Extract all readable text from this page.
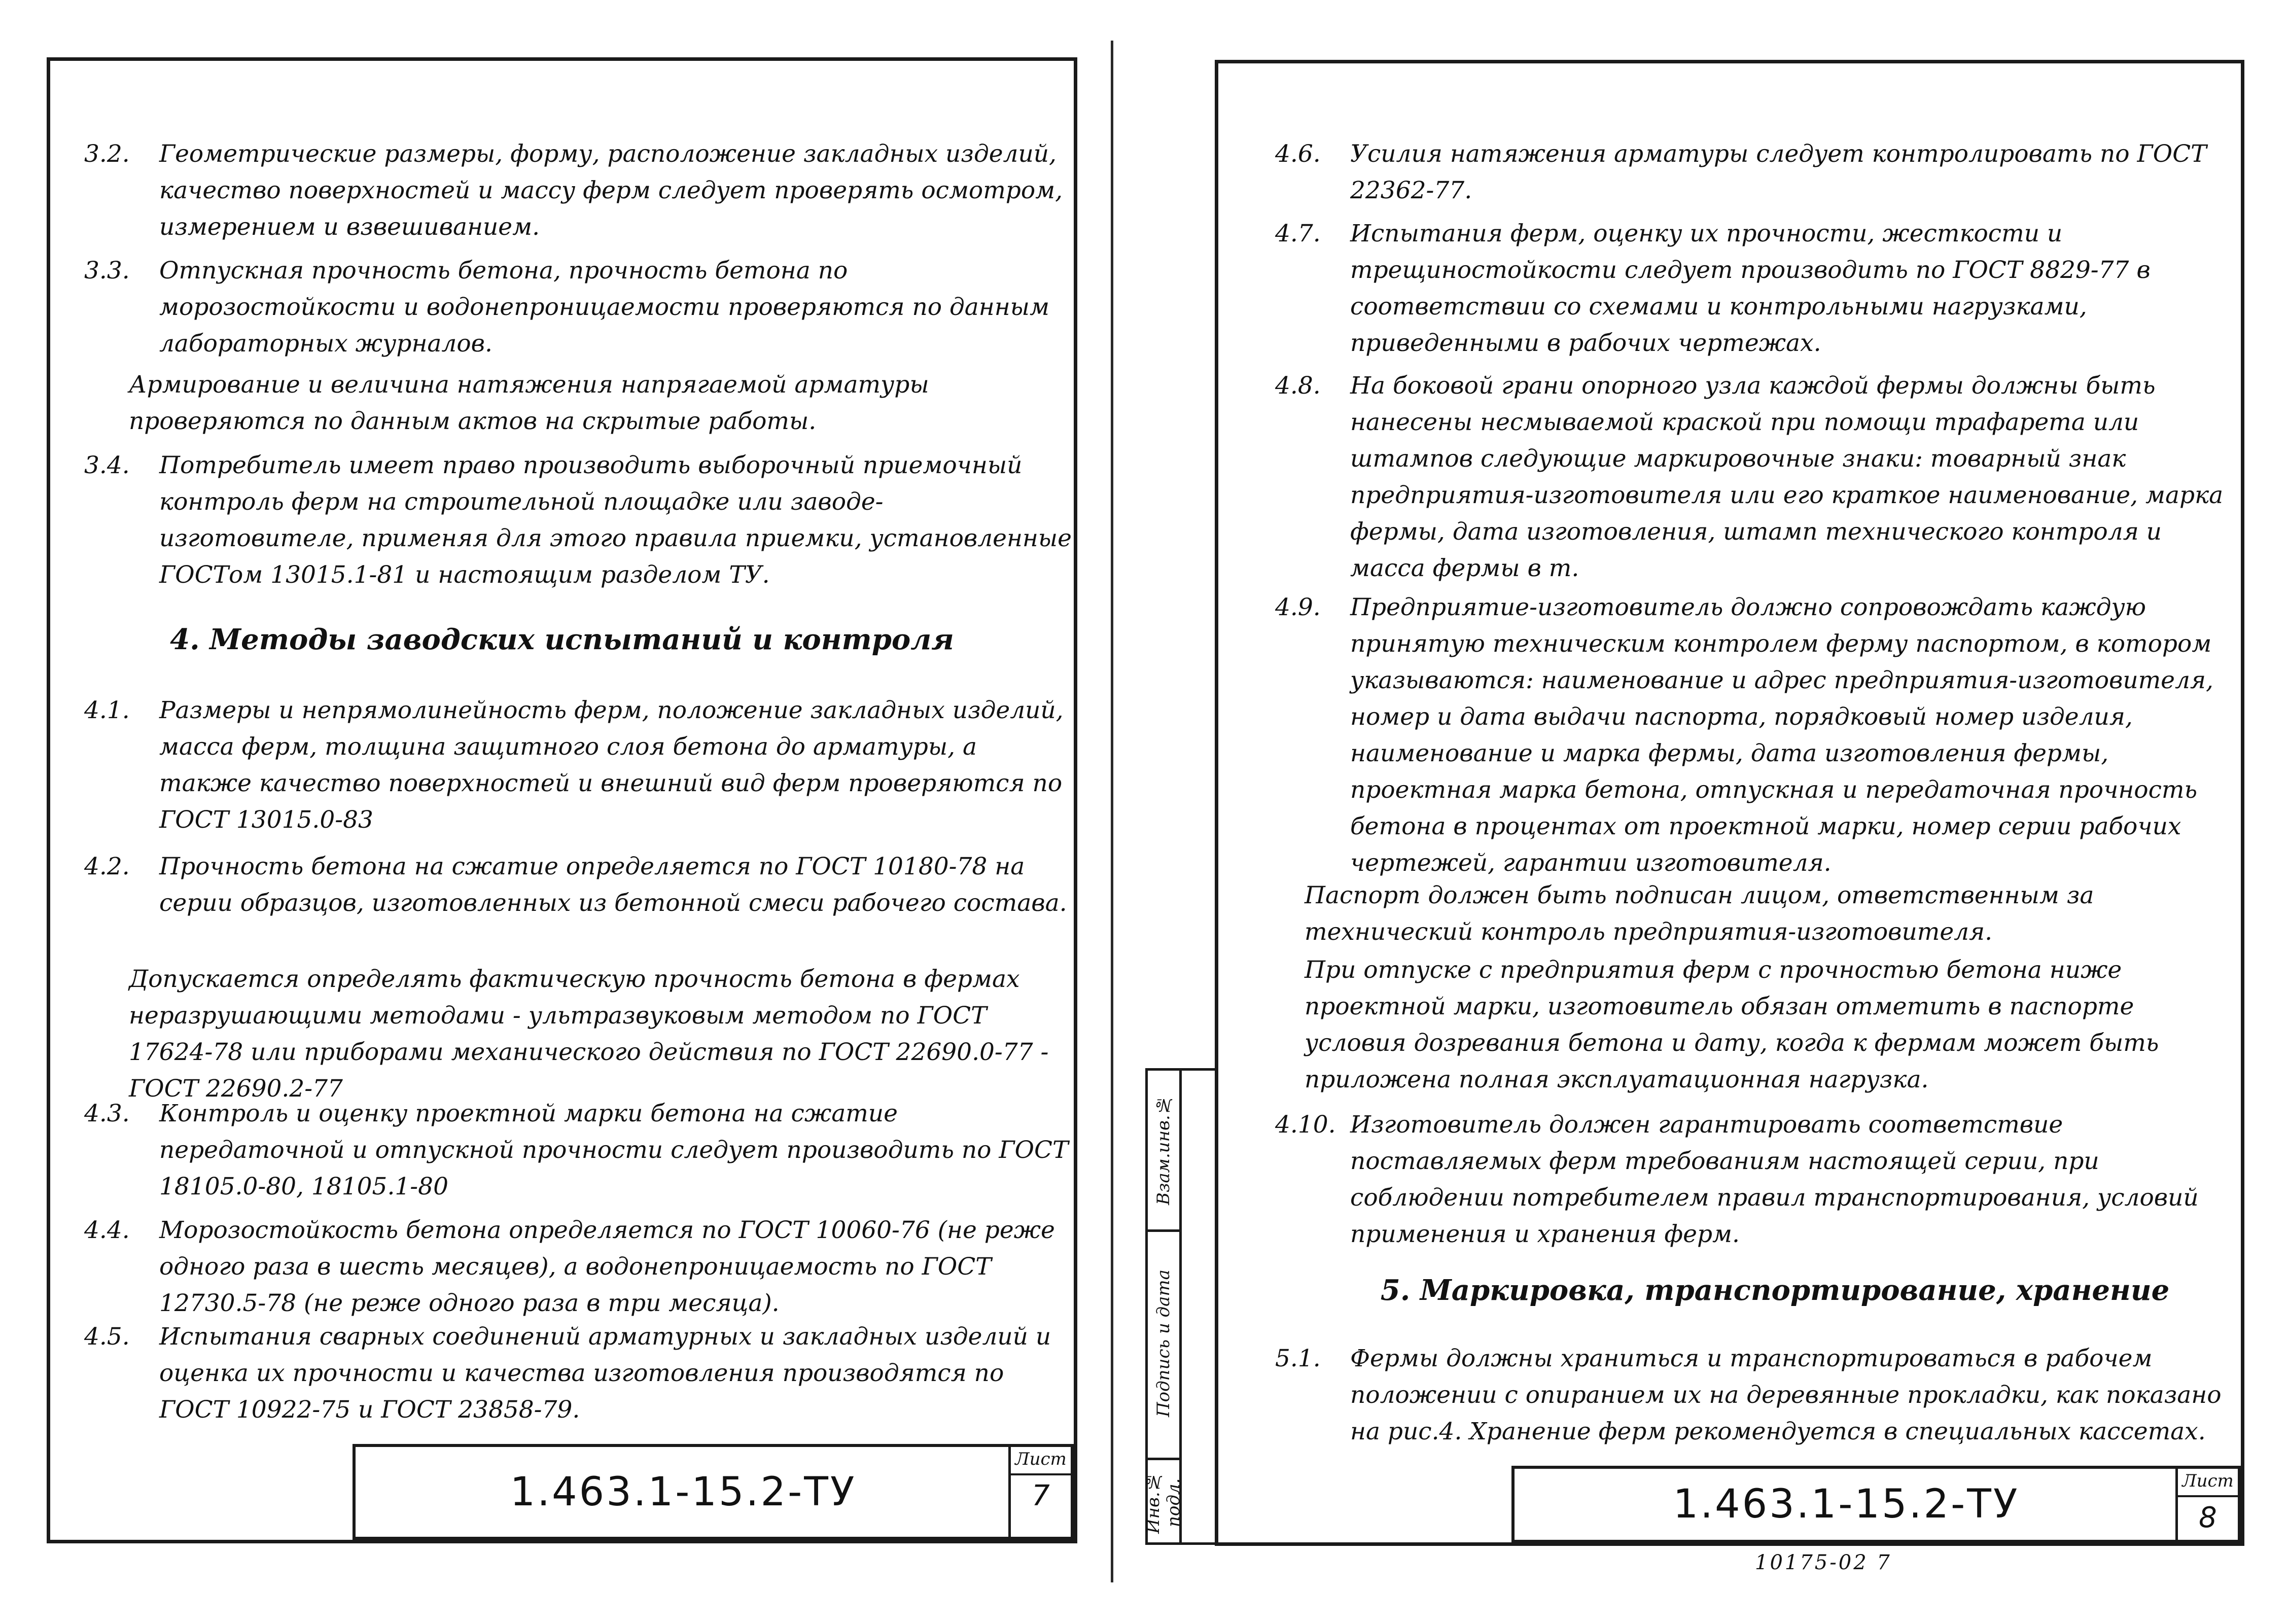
3.2. Геометрические размеры, форму, расположение закладных изделий, качество поверхностей и массу ферм следует проверять осмотром, измерением и взвешиванием.

3.3. Отпускная прочность бетона, прочность бетона по морозостойкости и водонепроницаемости проверяются по данным лабораторных журналов.

Армирование и величина натяжения напрягаемой арматуры проверяются по данным актов на скрытые работы.

3.4. Потребитель имеет право производить выборочный приемочный контроль ферм на строительной площадке или заводе-изготовителе, применяя для этого правила приемки, установленные ГОСТом 13015.1-81 и настоящим разделом ТУ.

4. Методы заводских испытаний и контроля

4.1. Размеры и непрямолинейность ферм, положение закладных изделий, масса ферм, толщина защитного слоя бетона до арматуры, а также качество поверхностей и внешний вид ферм проверяются по ГОСТ 13015.0-83

4.2. Прочность бетона на сжатие определяется по ГОСТ 10180-78 на серии образцов, изготовленных из бетонной смеси рабочего состава.

Допускается определять фактическую прочность бетона в фермах неразрушающими методами - ультразвуковым методом по ГОСТ 17624-78 или приборами механического действия по ГОСТ 22690.0-77 - ГОСТ 22690.2-77

4.3. Контроль и оценку проектной марки бетона на сжатие передаточной и отпускной прочности следует производить по ГОСТ 18105.0-80, 18105.1-80

4.4. Морозостойкость бетона определяется по ГОСТ 10060-76 (не реже одного раза в шесть месяцев), а водонепроницаемость по ГОСТ 12730.5-78 (не реже одного раза в три месяца).

4.5. Испытания сварных соединений арматурных и закладных изделий и оценка их прочности и качества изготовления производятся по ГОСТ 10922-75 и ГОСТ 23858-79.

1.463.1-15.2-ТУ
Лист
7

4.6. Усилия натяжения арматуры следует контролировать по ГОСТ 22362-77.

4.7. Испытания ферм, оценку их прочности, жесткости и трещиностойкости следует производить по ГОСТ 8829-77 в соответствии со схемами и контрольными нагрузками, приведенными в рабочих чертежах.

4.8. На боковой грани опорного узла каждой фермы должны быть нанесены несмываемой краской при помощи трафарета или штампов следующие маркировочные знаки: товарный знак предприятия-изготовителя или его краткое наименование, марка фермы, дата изготовления, штамп технического контроля и масса фермы в т.

4.9. Предприятие-изготовитель должно сопровождать каждую принятую техническим контролем ферму паспортом, в котором указываются: наименование и адрес предприятия-изготовителя, номер и дата выдачи паспорта, порядковый номер изделия, наименование и марка фермы, дата изготовления фермы, проектная марка бетона, отпускная и передаточная прочность бетона в процентах от проектной марки, номер серии рабочих чертежей, гарантии изготовителя.

Паспорт должен быть подписан лицом, ответственным за технический контроль предприятия-изготовителя.

При отпуске с предприятия ферм с прочностью бетона ниже проектной марки, изготовитель обязан отметить в паспорте условия дозревания бетона и дату, когда к фермам может быть приложена полная эксплуатационная нагрузка.

4.10. Изготовитель должен гарантировать соответствие поставляемых ферм требованиям настоящей серии, при соблюдении потребителем правил транспортирования, условий применения и хранения ферм.

5. Маркировка, транспортирование, хранение

5.1. Фермы должны храниться и транспортироваться в рабочем положении с опиранием их на деревянные прокладки, как показано на рис.4. Хранение ферм рекомендуется в специальных кассетах.

1.463.1-15.2-ТУ
Лист
8
Взам.инв.№
Подпись и дата
Инв.№ подл.
10175-02 7
